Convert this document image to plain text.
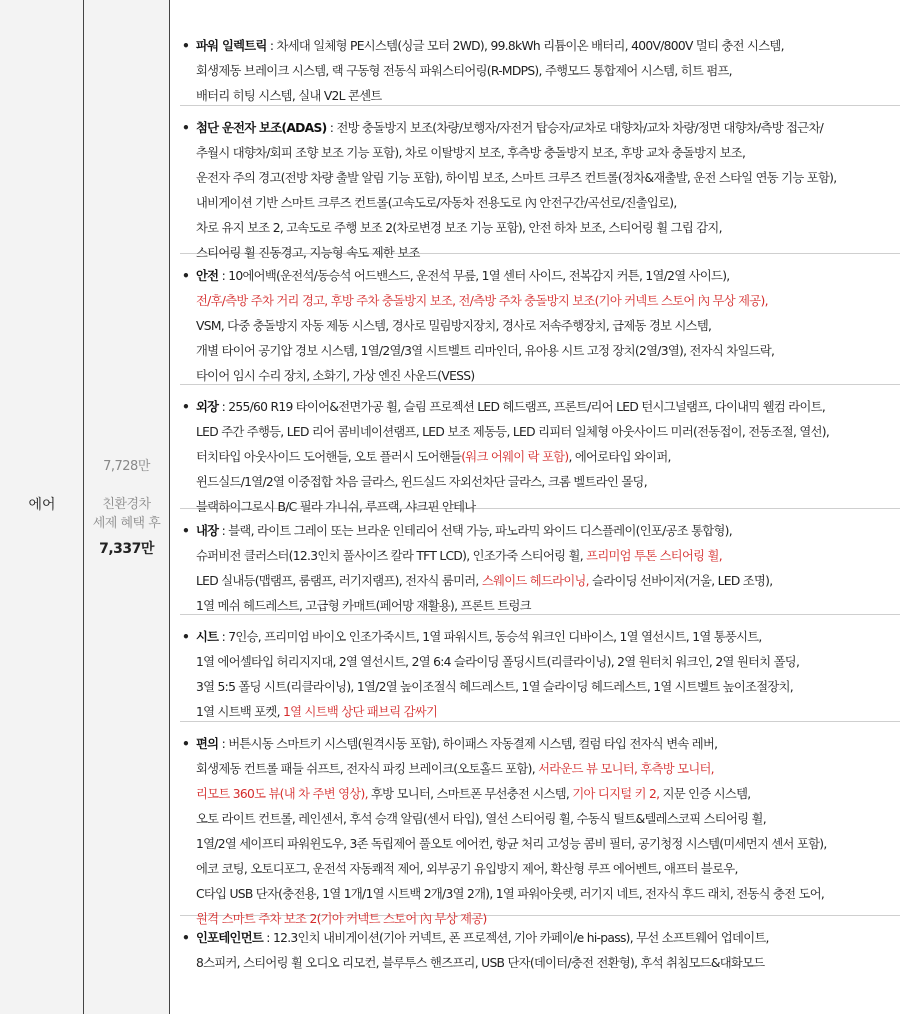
에어
7,728만
친환경차
세제 혜택 후
7,337만
• 파워 일렉트릭 : 차세대 일체형 PE시스템(싱글 모터 2WD), 99.8kWh 리튬이온 배터리, 400V/800V 멀티 충전 시스템,
회생제동 브레이크 시스템, 랙 구동형 전동식 파워스티어링(R-MDPS), 주행모드 통합제어 시스템, 히트 펌프,
배터리 히팅 시스템, 실내 V2L 콘센트
• 첨단 운전자 보조(ADAS) : 전방 충돌방지 보조(차량/보행자/자전거 탑승자/교차로 대향차/교차 차량/정면 대향차/측방 접근차/
추월시 대향차/회피 조향 보조 기능 포함), 차로 이탈방지 보조, 후측방 충돌방지 보조, 후방 교차 충돌방지 보조,
운전자 주의 경고(전방 차량 출발 알림 기능 포함), 하이빔 보조, 스마트 크루즈 컨트롤(정차&재출발, 운전 스타일 연동 기능 포함),
내비게이션 기반 스마트 크루즈 컨트롤(고속도로/자동차 전용도로 內 안전구간/곡선로/진출입로),
차로 유지 보조 2, 고속도로 주행 보조 2(차로변경 보조 기능 포함), 안전 하차 보조, 스티어링 휠 그립 감지,
스티어링 휠 진동경고, 지능형 속도 제한 보조
• 안전 : 10에어백(운전석/동승석 어드밴스드, 운전석 무릎, 1열 센터 사이드, 전복감지 커튼, 1열/2열 사이드),
전/후/측방 주차 거리 경고, 후방 주차 충돌방지 보조, 전/측방 주차 충돌방지 보조(기아 커넥트 스토어 內 무상 제공),
VSM, 다중 충돌방지 자동 제동 시스템, 경사로 밀림방지장치, 경사로 저속주행장치, 급제동 경보 시스템,
개별 타이어 공기압 경보 시스템, 1열/2열/3열 시트벨트 리마인더, 유아용 시트 고정 장치(2열/3열), 전자식 차일드락,
타이어 임시 수리 장치, 소화기, 가상 엔진 사운드(VESS)
• 외장 : 255/60 R19 타이어&전면가공 휠, 슬림 프로젝션 LED 헤드램프, 프론트/리어 LED 턴시그널램프, 다이내믹 웰컴 라이트,
LED 주간 주행등, LED 리어 콤비네이션램프, LED 보조 제동등, LED 리피터 일체형 아웃사이드 미러(전동접이, 전동조절, 열선),
터치타입 아웃사이드 도어핸들, 오토 플러시 도어핸들(워크 어웨이 락 포함), 에어로타입 와이퍼,
윈드실드/1열/2열 이중접합 차음 글라스, 윈드실드 자외선차단 글라스, 크롬 벨트라인 몰딩,
블랙하이그로시 B/C 필라 가니쉬, 루프랙, 샤크핀 안테나
• 내장 : 블랙, 라이트 그레이 또는 브라운 인테리어 선택 가능, 파노라믹 와이드 디스플레이(인포/공조 통합형),
슈퍼비전 클러스터(12.3인치 풀사이즈 칼라 TFT LCD), 인조가죽 스티어링 휠, 프리미엄 투톤 스티어링 휠,
LED 실내등(맵램프, 룸램프, 러기지램프), 전자식 룸미러, 스웨이드 헤드라이닝, 슬라이딩 선바이저(거울, LED 조명),
1열 메쉬 헤드레스트, 고급형 카매트(페어망 재활용), 프론트 트렁크
• 시트 : 7인승, 프리미엄 바이오 인조가죽시트, 1열 파워시트, 동승석 워크인 디바이스, 1열 열선시트, 1열 통풍시트,
1열 에어셀타입 허리지지대, 2열 열선시트, 2열 6:4 슬라이딩 폴딩시트(리클라이닝), 2열 원터치 워크인, 2열 원터치 폴딩,
3열 5:5 폴딩 시트(리클라이닝), 1열/2열 높이조절식 헤드레스트, 1열 슬라이딩 헤드레스트, 1열 시트벨트 높이조절장치,
1열 시트백 포켓, 1열 시트백 상단 패브릭 감싸기
• 편의 : 버튼시동 스마트키 시스템(원격시동 포함), 하이패스 자동결제 시스템, 컬럼 타입 전자식 변속 레버,
회생제동 컨트롤 패들 쉬프트, 전자식 파킹 브레이크(오토홀드 포함), 서라운드 뷰 모니터, 후측방 모니터,
리모트 360도 뷰(내 차 주변 영상), 후방 모니터, 스마트폰 무선충전 시스템, 기아 디지털 키 2, 지문 인증 시스템,
오토 라이트 컨트롤, 레인센서, 후석 승객 알림(센서 타입), 열선 스티어링 휠, 수동식 틸트&텔레스코픽 스티어링 휠,
1열/2열 세이프티 파워윈도우, 3존 독립제어 풀오토 에어컨, 항균 처리 고성능 콤비 필터, 공기청정 시스템(미세먼지 센서 포함),
에코 코팅, 오토디포그, 운전석 자동쾌적 제어, 외부공기 유입방지 제어, 확산형 루프 에어벤트, 애프터 블로우,
C타입 USB 단자(충전용, 1열 1개/1열 시트백 2개/3열 2개), 1열 파워아웃렛, 러기지 네트, 전자식 후드 래치, 전동식 충전 도어,
원격 스마트 주차 보조 2(기아 커넥트 스토어 內 무상 제공)
• 인포테인먼트 : 12.3인치 내비게이션(기아 커넥트, 폰 프로젝션, 기아 카페이/e hi-pass), 무선 소프트웨어 업데이트,
8스피커, 스티어링 휠 오디오 리모컨, 블루투스 핸즈프리, USB 단자(데이터/충전 전환형), 후석 취침모드&대화모드
